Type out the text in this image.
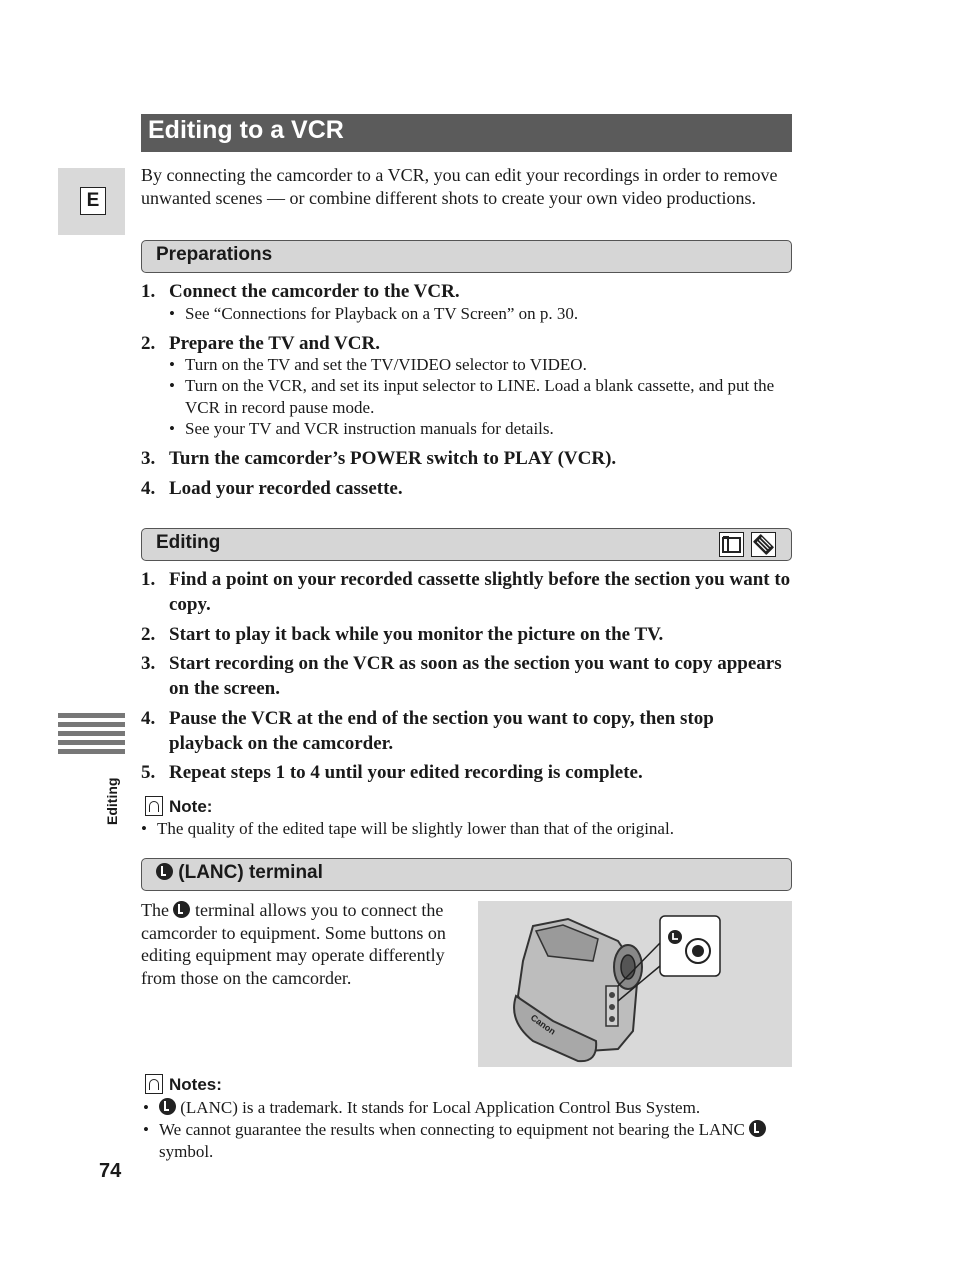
Editing to a VCR
E
By connecting the camcorder to a VCR, you can edit your recordings in order to remove unwanted scenes — or combine different shots to create your own video productions.
Preparations
1. Connect the camcorder to the VCR.
• See “Connections for Playback on a TV Screen” on p. 30.
2. Prepare the TV and VCR.
• Turn on the TV and set the TV/VIDEO selector to VIDEO.
• Turn on the VCR, and set its input selector to LINE. Load a blank cassette, and put the VCR in record pause mode.
• See your TV and VCR instruction manuals for details.
3. Turn the camcorder’s POWER switch to PLAY (VCR).
4. Load your recorded cassette.
Editing
1. Find a point on your recorded cassette slightly before the section you want to copy.
2. Start to play it back while you monitor the picture on the TV.
3. Start recording on the VCR as soon as the section you want to copy appears on the screen.
4. Pause the VCR at the end of the section you want to copy, then stop playback on the camcorder.
5. Repeat steps 1 to 4 until your edited recording is complete.
Note:
• The quality of the edited tape will be slightly lower than that of the original.
(LANC) terminal
The terminal allows you to connect the camcorder to equipment. Some buttons on editing equipment may operate differently from those on the camcorder.
Canon
Notes:
•	(LANC) is a trademark. It stands for Local Application Control Bus System.
• We cannot guarantee the results when connecting to equipment not bearing the LANC  symbol.
Editing
74
